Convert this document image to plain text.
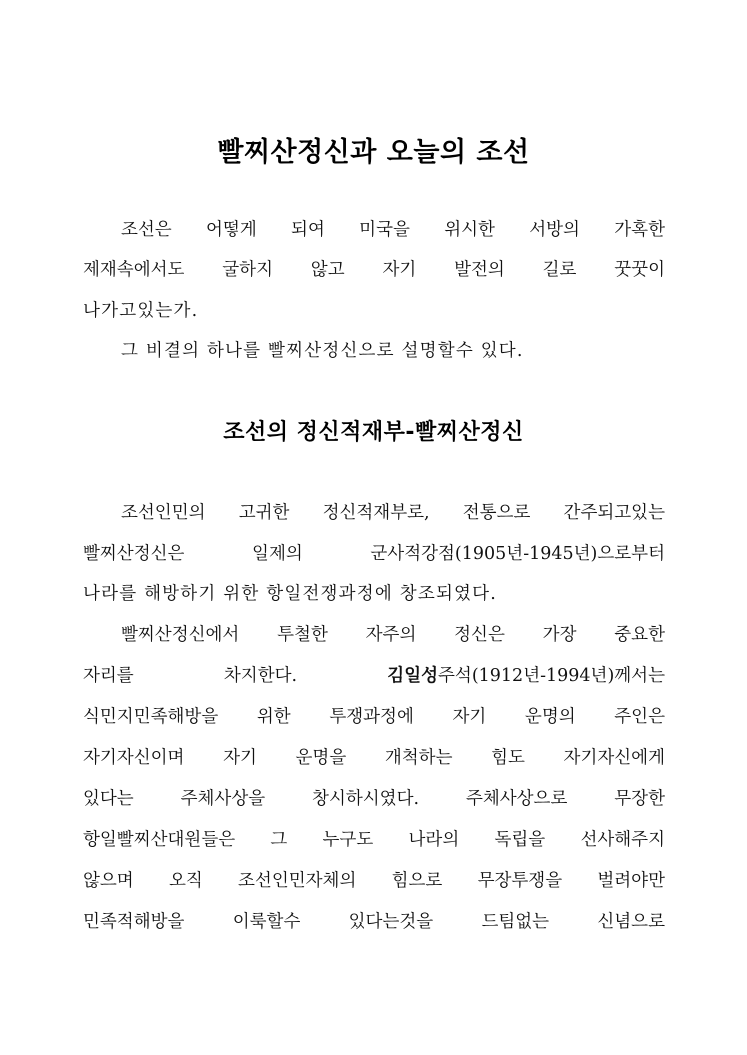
빨찌산정신과 오늘의 조선

조선은 어떻게 되여 미국을 위시한 서방의 가혹한

제재속에서도 굴하지 않고 자기 발전의 길로 꿋꿋이

나가고있는가.

그 비결의 하나를 빨찌산정신으로 설명할수 있다.

조선의 정신적재부-빨찌산정신

조선인민의 고귀한 정신적재부로, 전통으로 간주되고있는

빨찌산정신은 일제의 군사적강점(1905년-1945년)으로부터

나라를 해방하기 위한 항일전쟁과정에 창조되였다.

빨찌산정신에서 투철한 자주의 정신은 가장 중요한

자리를 차지한다.	김일성주석(1912년-1994년)께서는

식민지민족해방을 위한 투쟁과정에 자기 운명의 주인은

자기자신이며 자기 운명을 개척하는 힘도 자기자신에게

있다는 주체사상을 창시하시였다. 주체사상으로 무장한

항일빨찌산대원들은 그 누구도 나라의 독립을 선사해주지

않으며 오직 조선인민자체의 힘으로 무장투쟁을 벌려야만

민족적해방을 이룩할수 있다는것을 드팀없는 신념으로
